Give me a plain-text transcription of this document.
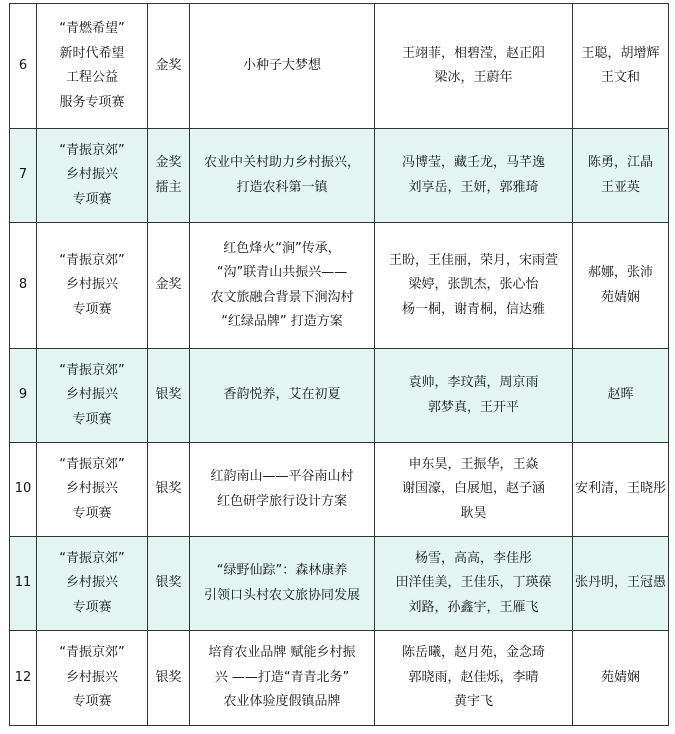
6	“青燃希望”
新时代希望
工程公益
服务专项赛	金奖	小种子大梦想	王翊菲，相碧滢，赵正阳
梁冰，王蔚年	王聪，胡增辉
王文和

7	“青振京郊”
乡村振兴
专项赛	金奖
擂主	农业中关村助力乡村振兴，
打造农科第一镇	冯博莹，藏壬龙，马芊逸
刘享岳，王妍，郭雅琦	陈勇，江晶
王亚英

8	“青振京郊”
乡村振兴
专项赛	金奖	红色烽火“涧”传承，
“沟”联青山共振兴——
农文旅融合背景下涧沟村
“红绿品牌” 打造方案	王盼，王佳丽，荣月，宋雨萱
梁婷，张凯杰，张心怡
杨一桐，谢青桐，信达雅	郝娜，张沛
苑婧娴

9	“青振京郊”
乡村振兴
专项赛	银奖	香韵悦养，艾在初夏	袁帅，李玟茜，周京雨
郭梦真，王开平	赵晖

10	“青振京郊”
乡村振兴
专项赛	银奖	红韵南山——平谷南山村
红色研学旅行设计方案	申东昊，王振华，王焱
谢国濠，白展旭，赵子涵
耿昊	安利清，王晓彤

11	“青振京郊”
乡村振兴
专项赛	银奖	“绿野仙踪”：森林康养
引领口头村农文旅协同发展	杨雪，高高，李佳彤
田洋佳美，王佳乐，丁瑛葆
刘路，孙鑫宇，王雁飞	张丹明，王冠愚

12	“青振京郊”
乡村振兴
专项赛	银奖	培育农业品牌 赋能乡村振
兴 ——打造“青青北务”
农业体验度假镇品牌	陈岳曦，赵月苑，金念琦
郭晓雨，赵佳烁，李晴
黄宇飞	苑婧娴
